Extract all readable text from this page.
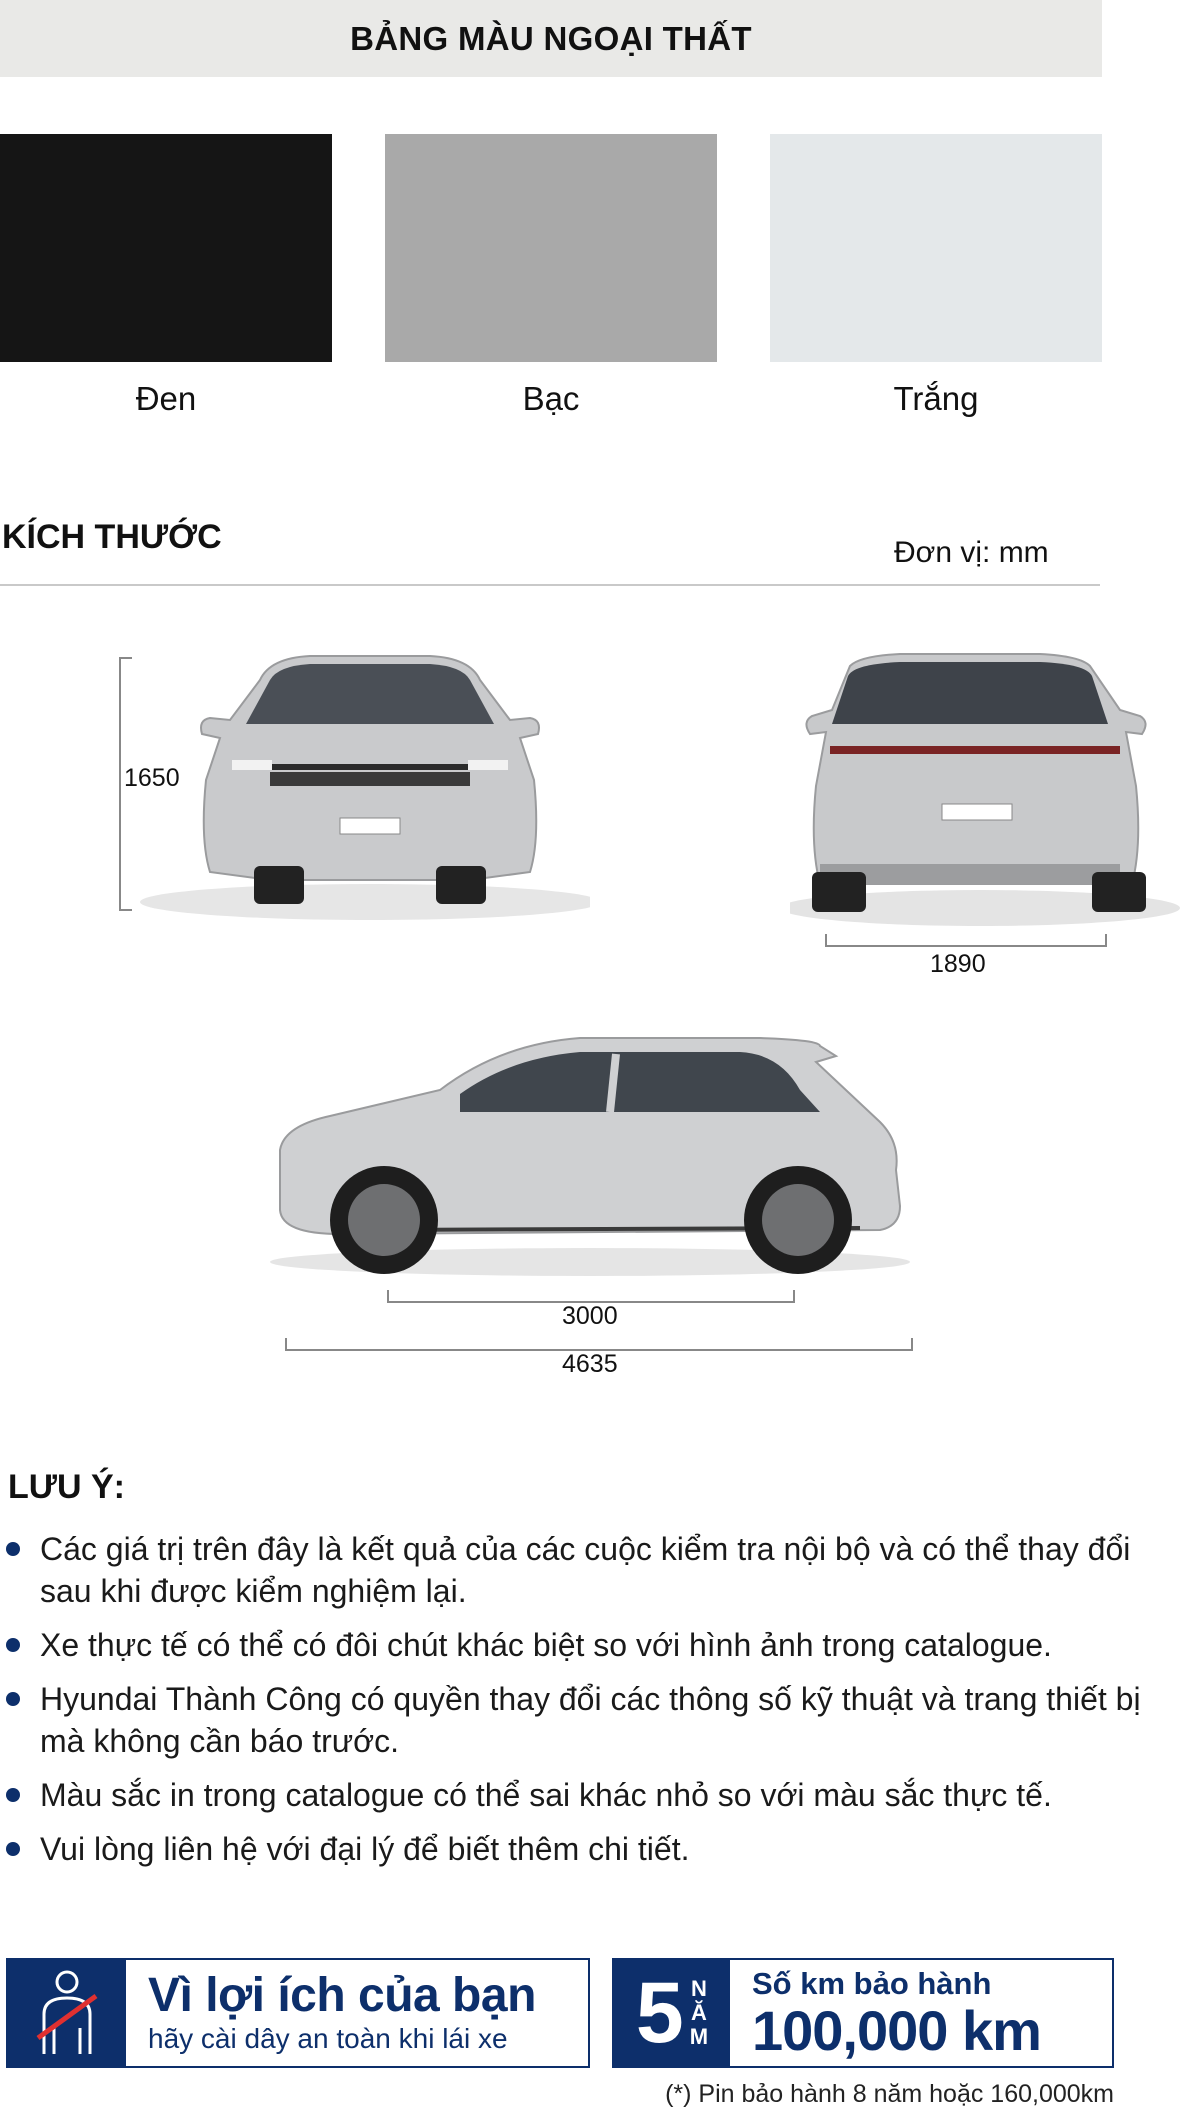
BẢNG MÀU NGOẠI THẤT
Đen	Bạc	Trắng
KÍCH THƯỚC	Đơn vị: mm
1650
1890
3000
4635
LƯU Ý:
Các giá trị trên đây là kết quả của các cuộc kiểm tra nội bộ và có thể thay đổi sau khi được kiểm nghiệm lại.
Xe thực tế có thể có đôi chút khác biệt so với hình ảnh trong catalogue.
Hyundai Thành Công có quyền thay đổi các thông số kỹ thuật và trang thiết bị mà không cần báo trước.
Màu sắc in trong catalogue có thể sai khác nhỏ so với màu sắc thực tế.
Vui lòng liên hệ với đại lý để biết thêm chi tiết.
Vì lợi ích của bạn
hãy cài dây an toàn khi lái xe	5 N
Ă
M
Số km bảo hành
100,000 km
(*) Pin bảo hành 8 năm hoặc 160,000km
